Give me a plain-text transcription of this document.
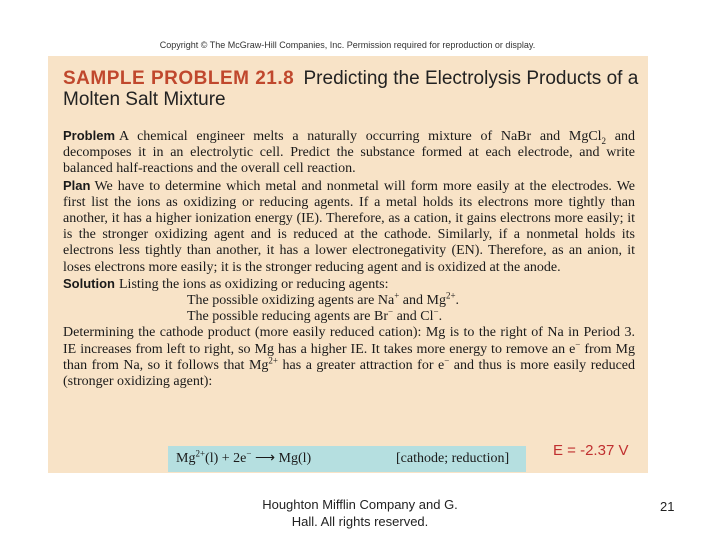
Copyright © The McGraw-Hill Companies, Inc. Permission required for reproduction or display.
SAMPLE PROBLEM 21.8 Predicting the Electrolysis Products of a
Molten Salt Mixture

Problem A chemical engineer melts a naturally occurring mixture of NaBr and MgCl$_2$ and decomposes it in an electrolytic cell. Predict the substance formed at each electrode, and write balanced half-reactions and the overall cell reaction.

Plan We have to determine which metal and nonmetal will form more easily at the electrodes. We first list the ions as oxidizing or reducing agents. If a metal holds its electrons more tightly than another, it has a higher ionization energy (IE). Therefore, as a cation, it gains electrons more easily; it is the stronger oxidizing agent and is reduced at the cathode. Similarly, if a nonmetal holds its electrons less tightly than another, it has a lower electronegativity (EN). Therefore, as an anion, it loses electrons more easily; it is the stronger reducing agent and is oxidized at the anode.

Solution Listing the ions as oxidizing or reducing agents:

The possible oxidizing agents are Na+ and $Mg^{2+}$.

The possible reducing agents are Br− and Cl−.

Determining the cathode product (more easily reduced cation): Mg is to the right of Na in Period 3. IE increases from left to right, so Mg has a higher IE. It takes more energy to remove an e− from Mg than from Na, so it follows that $Mg^{2+}$ has a greater attraction for e− and thus is more easily reduced (stronger oxidizing agent):

$Mg^{2+}(l) + 2e^-$ ⟶ Mg(l)	[cathode; reduction]	E = -2.37 V
Houghton Mifflin Company and G.
Hall. All rights reserved.
21
